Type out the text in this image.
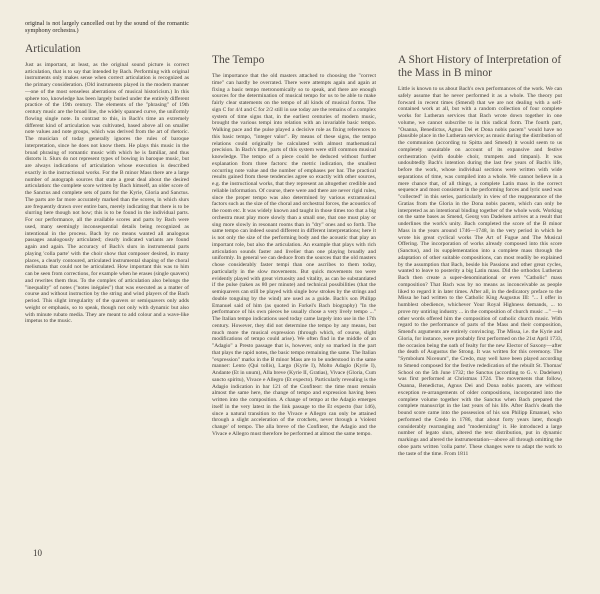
original is not largely cancelled out by the sound of the romantic symphony orchestra.)

Articulation
Just as important, at least, as the original sound picture is correct articulation, that is to say that intended by Bach. Performing with original instruments only makes sense when correct articulation is recognized as the primary consideration. (Old instruments played in the modern manner—one of the most senseless aberrations of musical historicism.) In this sphere too, knowledge has been largely buried under the entirely different practice of the 19th century. The elements of the "phrasing" of 19th century music are the broad line, the widely spanned curve, the uniformly flowing single note. In contrast to this, in Bach's time an extremely different kind of articulation was cultivated, based above all on smaller note values and note groups, which was derived from the art of rhetoric. The musician of today generally ignores the rules of baroque interpretation, since he does not know them. He plays this music in the broad phrasing of romantic music with which he is familiar, and thus distorts it. Slurs do not represent types of bowing in baroque music, but are always indications of articulation whose execution is described exactly in the instructional works. For the B minor Mass there are a large number of autograph sources that state a great deal about the desired articulation: the complete score written by Bach himself, an older score of the Sanctus and complete sets of parts for the Kyrie, Gloria and Sanctus. The parts are far more accurately marked than the scores, in which slurs are frequently drawn over entire bars, merely indicating that there is to be slurring here though not how; this is to be found in the individual parts. For our performance, all the available scores and parts by Bach were used, many seemingly inconsequential details being recognized as intentional in the process. Bach by no means wanted all analogous passages analogously articulated; clearly indicated variants are found again and again. The accuracy of Bach's slurs in instrumental parts playing 'colla parte' with the choir show that composer desired, in many places, a clearly contoured, articulated instrumental shaping of the choral melismata that could not be articulated. How important this was to him can be seen from corrections, for example when he erases (single quavers) and rewrites them thus. To the complex of articulation also belongs the "inequality" of notes ("notes inégales") that was executed as a matter of course and without instruction by the string and wind players of the Bach period. This slight irregularity of the quavers or semiquavers only adds weight or emphasis, so to speak, though not only with dynamic but also with minute rubato media. They are meant to add colour and a wave-like impetus to the music.
The Tempo
The importance that the old masters attached to choosing the "correct time" can hardly be overrated. There were attempts again and again at fixing a basic tempo metronomically so to speak, and there are enough sources for the determination of musical tempo for us to be able to make fairly clear statements on the tempo of all kinds of musical forms. The sign C for 4/4 and C for 2/2 still in use today are the remains of a complex system of time signs that, in the earliest centuries of modern music, brought the various tempi into relation with an invariable basic tempo. Walking pace and the pulse played a decisive role as fixing references to this basic tempo, "integer valor". By means of these signs, the tempo relations could originally be calculated with almost mathematical precision. In Bach's time, parts of this system were still common musical knowledge. The tempo of a piece could be deduced without further explanation from three factors: the metric indication, the smallest occurring note value and the number of emphases per bar. The practical results gained from these tendencies agree so exactly with other sources, e.g. the instructional works, that they represent an altogether credible and reliable information. Of course, there were and there are never rigid rules, since the proper tempo was also determined by various extramusical factors such as the size of the choral and orchestral forces, the acoustics of the room etc. It was widely known and taught in those times too that a big orchestra must play more slowly than a small one, that one must play or sing more slowly in resonant rooms than in "dry" ones and so forth. The same tempo can indeed sound different in different interpretations; here it is not only the size of the performing body and the acoustic that play an important role, but also the articulation. An example that plays with rich articulation sounds faster and livelier than one playing broadly and uniformly. In general we can deduce from the sources that the old masters chose considerably faster tempi than one ascribes to them today, particularly in the slow movements. But quick movements too were evidently played with great virtuosity and vitality, as can be substantiated if the pulse (taken as 80 per minute) and technical possibilities (that the semiquavers can still be played with single bow strokes by the strings and double tonguing by the wind) are used as a guide. Bach's son Philipp Emanuel said of him (as quoted in Forkel's Bach biography) "In the performance of his own pieces he usually chose a very lively tempo ..." The Italian tempo indications used today came largely into use in the 17th century. However, they did not determine the tempo by any means, but much more the musical expression (through which, of course, slight modifications of tempo could arise). We often find in the middle of an "Adagio" a Presto passage that is, however, only so marked in the part that plays the rapid notes, the basic tempo remaining the same. The Italian "expression" marks in the B minor Mass are to be understood in the same manner: Lento (Qui tollis), Largo (Kyrie I), Molto Adagio (Kyrie I), Andante (Et in unum), Alla breve (Kyrie II, Gratias), Vivace (Gloria, Cum sancto spiritu), Vivace e Allegro (Et expecto). Particularly revealing is the Adagio indication in bar 121 of the Confiteor: the time must remain almost the same here, the change of tempo and expression having been written into the composition. A change of tempo at the Adagio emerges itself in the very latest in the link passage to the Et expecto (bar 146), since a natural transition to the Vivace e Allegro can only be attained through a slight acceleration of the crotchets, never through a 'violent change' of tempo. The alla breve of the Confiteor, the Adagio and the Vivace e Allegro must therefore be performed at almost the same tempo.
A Short History of Interpretation of the Mass in B minor
Little is known to us about Bach's own performances of the work. We can safely assume that he never performed it as a whole. The theory put forward in recent times (Smend) that we are not dealing with a self-contained work at all, but with a random collection of four complete works for Lutheran services that Bach wrote down together in one volume, we cannot subscribe to in this radical form. The fourth part, "Osanna, Benedictus, Agnus Dei et Dona nobis pacem" would have no plausible place in the Lutheran service; as music during the distribution of the communion (according to Spitta and Smend) it would seem to us completely unsuitable on account of its expansive and festive orchestration (with double choir, trumpets and timpani). It was undoubtedly Bach's intention during the last few years of Bach's life, before the work, whose individual sections were written with wide separations of time, was compiled into a whole. We cannot believe in a mere chance that, of all things, a complete Latin mass in the correct sequence and most consistent in the performing forces and lyric used was "collected" in this series, particularly in view of the reappearance of the Gratias from the Gloria in the Dona nobis pacem, which can only be interpreted as an intentional binding together of the whole work. Working on the same bases as Smend, Georg von Dadelsen arrives at a result that underlines the work's unity. Bach completed the score of the B minor Mass in the years around 1746—1748, in the very period in which he wrote his great cyclical works The Art of Fugue and The Musical Offering. The incorporation of works already composed into this score (Sanctus), and its supplementation into a complete mass through the adaptation of other suitable compositions, can most readily be explained by the assumption that Bach, beside his Passions and other great cycles, wanted to leave to posterity a big Latin mass. Did the orthodox Lutheran Bach then create a super-denominational or even "Catholic" mass composition? That Bach was by no means as inconceivable as people liked to regard it in later times. After all, in the dedicatory preface to the Missa he had written to the Catholic King Augustus III: "... I offer in humblest obedience, whichever Your Royal Highness demands, ... to prove my untiring industry ... in the composition of church music ..." —in other words offered him the composition of catholic church music. With regard to the performance of parts of the Mass and their composition, Smend's arguments are entirely convincing. The Missa, i.e. the Kyrie and Gloria, for instance, were probably first performed on the 21st April 1733, the occasion being the oath of fealty for the new Elector of Saxony—after the death of Augustus the Strong. It was written for this ceremony. The "Symbolum Nicenum", the Credo, may well have been played according to Smend composed for the festive rededication of the rebuilt St. Thomas' School on the 5th June 1732; the Sanctus (according to G. v. Dadelsen) was first performed at Christmas 1724. The movements that follow, Osanna, Benedictus, Agnus Dei and Dona nobis pacem, are without exception re-arrangements of older compositions, incorporated into the complete volume together with the Sanctus when Bach prepared the complete manuscript in the last years of his life. After Bach's death the bound score came into the possession of his son Philipp Emanuel, who performed the Credo in 1786, that about forty years later, though considerably rearranging and "modernizing" it. He introduced a large number of legato slurs, altered the text distribution, put in dynamic markings and altered the instrumentation—above all through omitting the oboe parts written 'colla parte'. These changes were to adapt the work to the taste of the time. From 1811
10
